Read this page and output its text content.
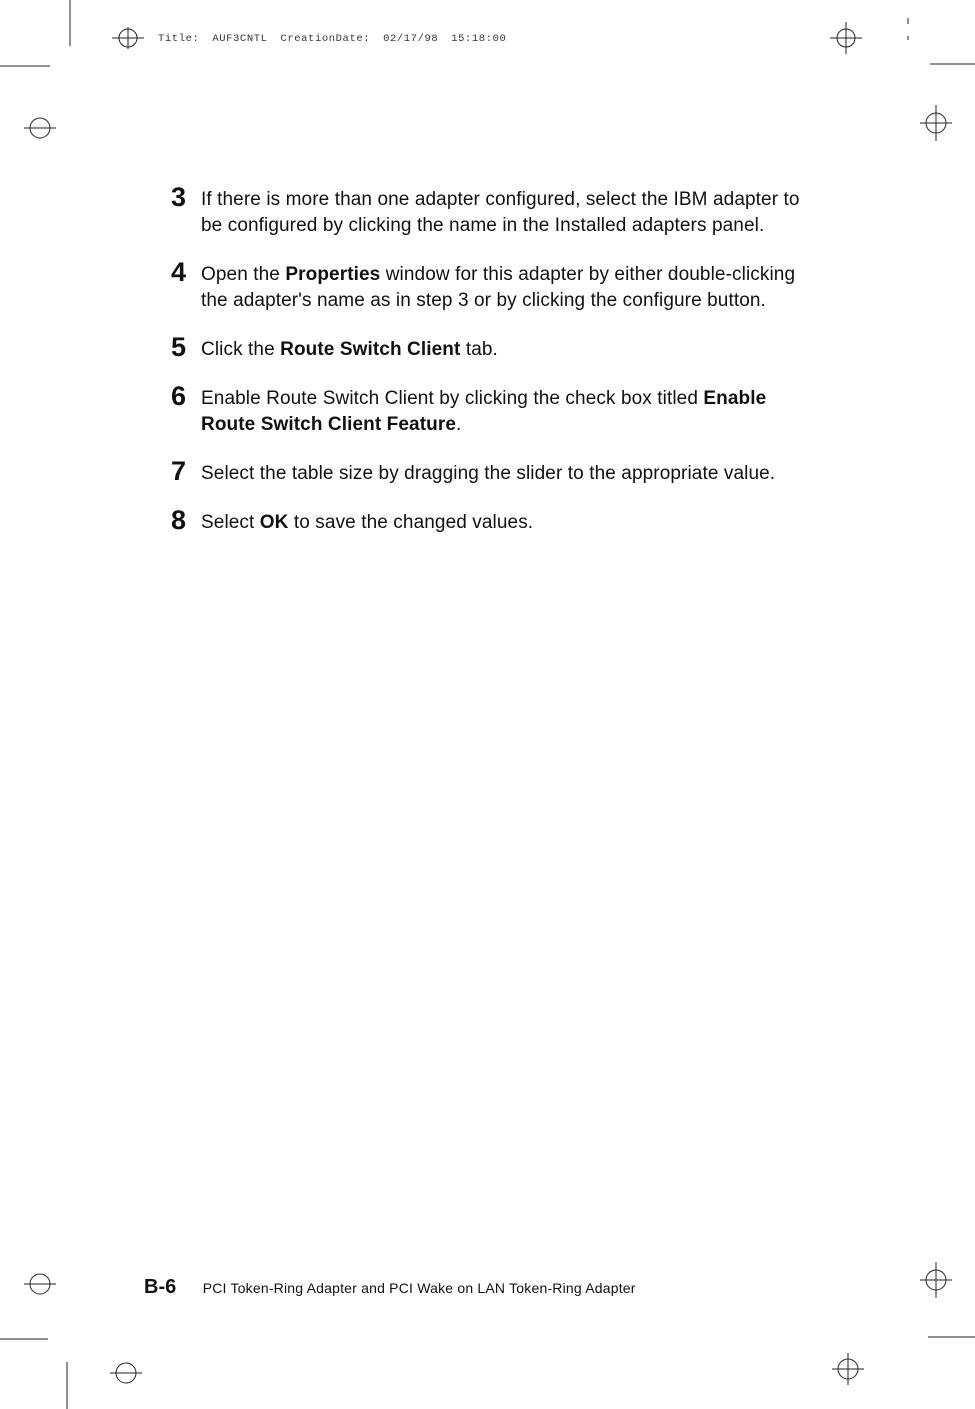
Title: AUF3CNTL CreationDate: 02/17/98 15:18:00
3 If there is more than one adapter configured, select the IBM adapter to be configured by clicking the name in the Installed adapters panel.
4 Open the Properties window for this adapter by either double-clicking the adapter's name as in step 3 or by clicking the configure button.
5 Click the Route Switch Client tab.
6 Enable Route Switch Client by clicking the check box titled Enable Route Switch Client Feature.
7 Select the table size by dragging the slider to the appropriate value.
8 Select OK to save the changed values.
B-6 PCI Token-Ring Adapter and PCI Wake on LAN Token-Ring Adapter
